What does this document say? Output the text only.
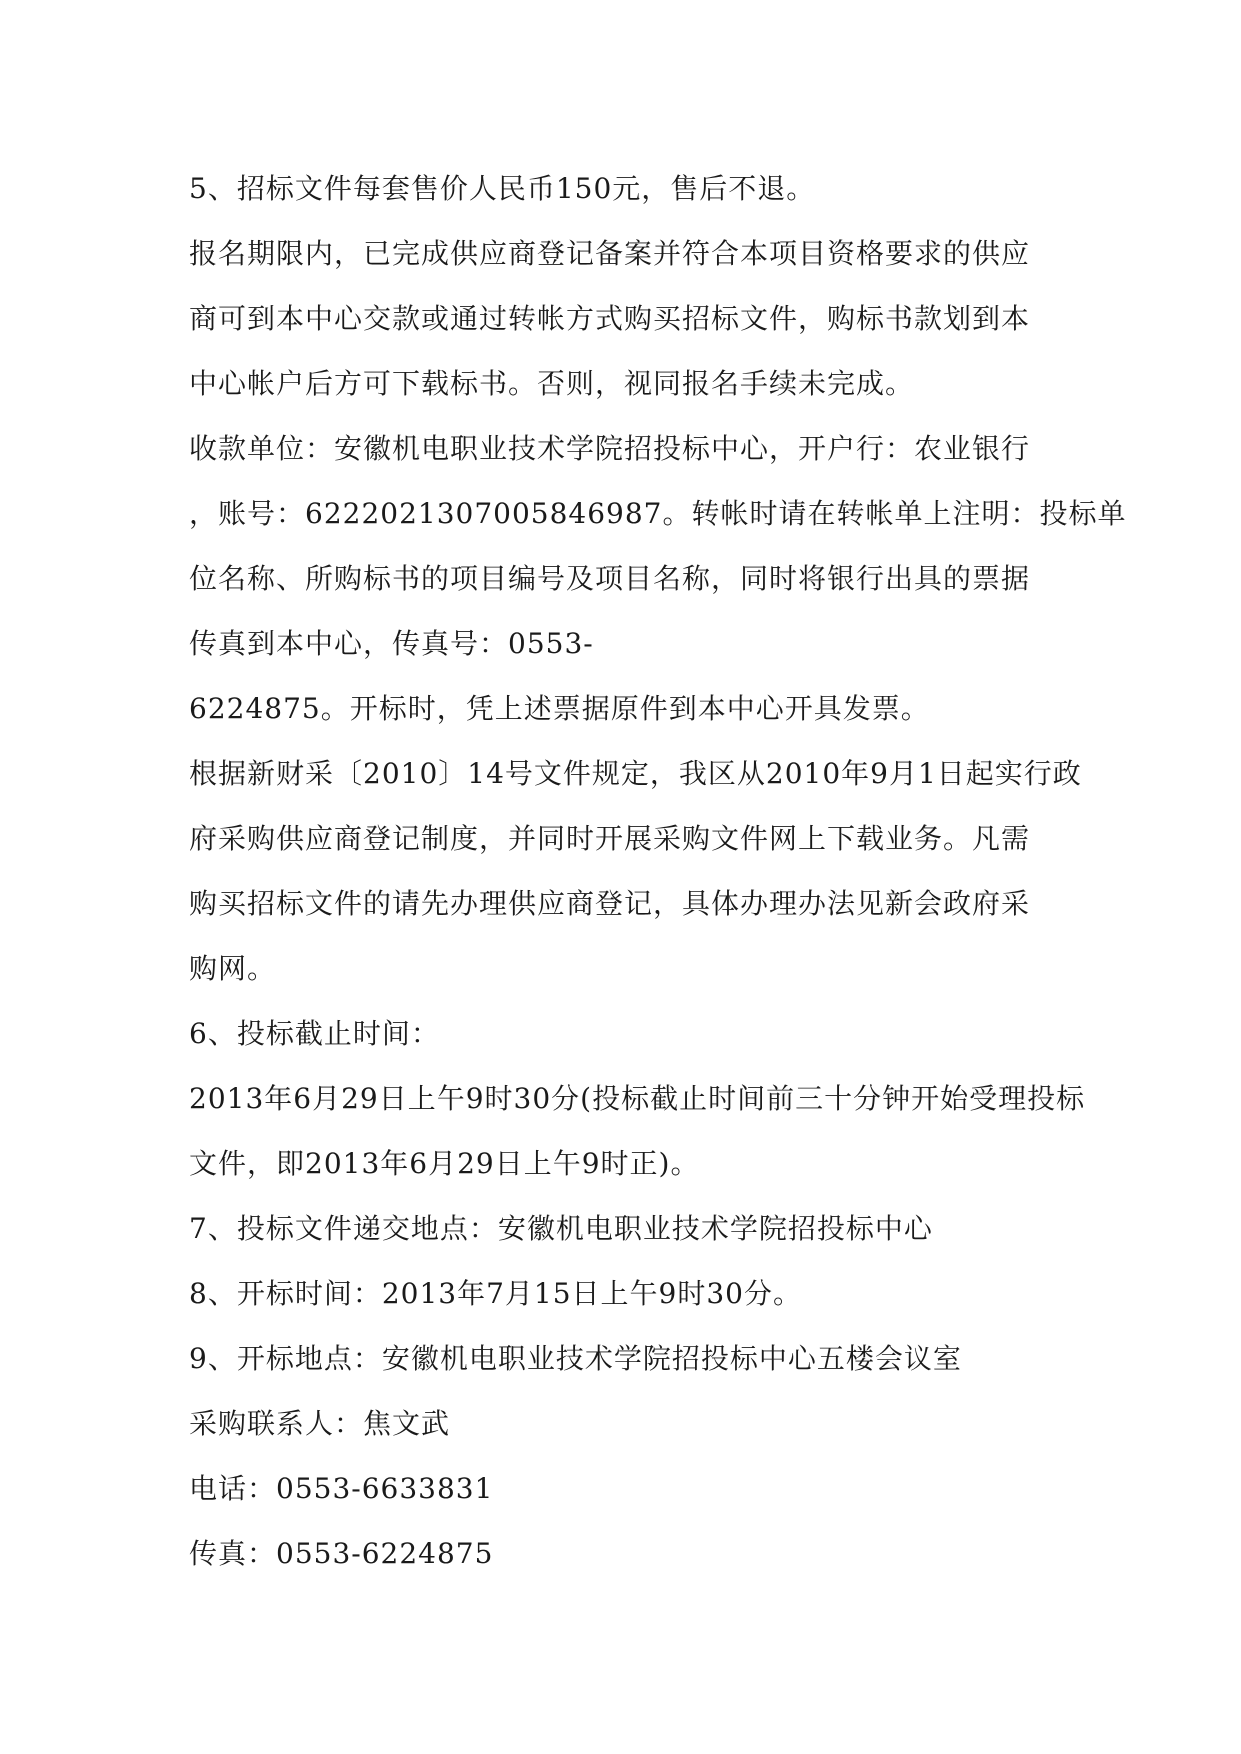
5、招标文件每套售价人民币150元，售后不退。
报名期限内，已完成供应商登记备案并符合本项目资格要求的供应
商可到本中心交款或通过转帐方式购买招标文件，购标书款划到本
中心帐户后方可下载标书。否则，视同报名手续未完成。
收款单位：安徽机电职业技术学院招投标中心，开户行：农业银行
，账号：6222021307005846987。转帐时请在转帐单上注明：投标单
位名称、所购标书的项目编号及项目名称，同时将银行出具的票据
传真到本中心，传真号：0553-
6224875。开标时，凭上述票据原件到本中心开具发票。
根据新财采〔2010〕14号文件规定，我区从2010年9月1日起实行政
府采购供应商登记制度，并同时开展采购文件网上下载业务。凡需
购买招标文件的请先办理供应商登记，具体办理办法见新会政府采
购网。
6、投标截止时间：
2013年6月29日上午9时30分(投标截止时间前三十分钟开始受理投标
文件，即2013年6月29日上午9时正)。
7、投标文件递交地点：安徽机电职业技术学院招投标中心
8、开标时间：2013年7月15日上午9时30分。
9、开标地点：安徽机电职业技术学院招投标中心五楼会议室
采购联系人：焦文武
电话：0553-6633831
传真：0553-6224875
